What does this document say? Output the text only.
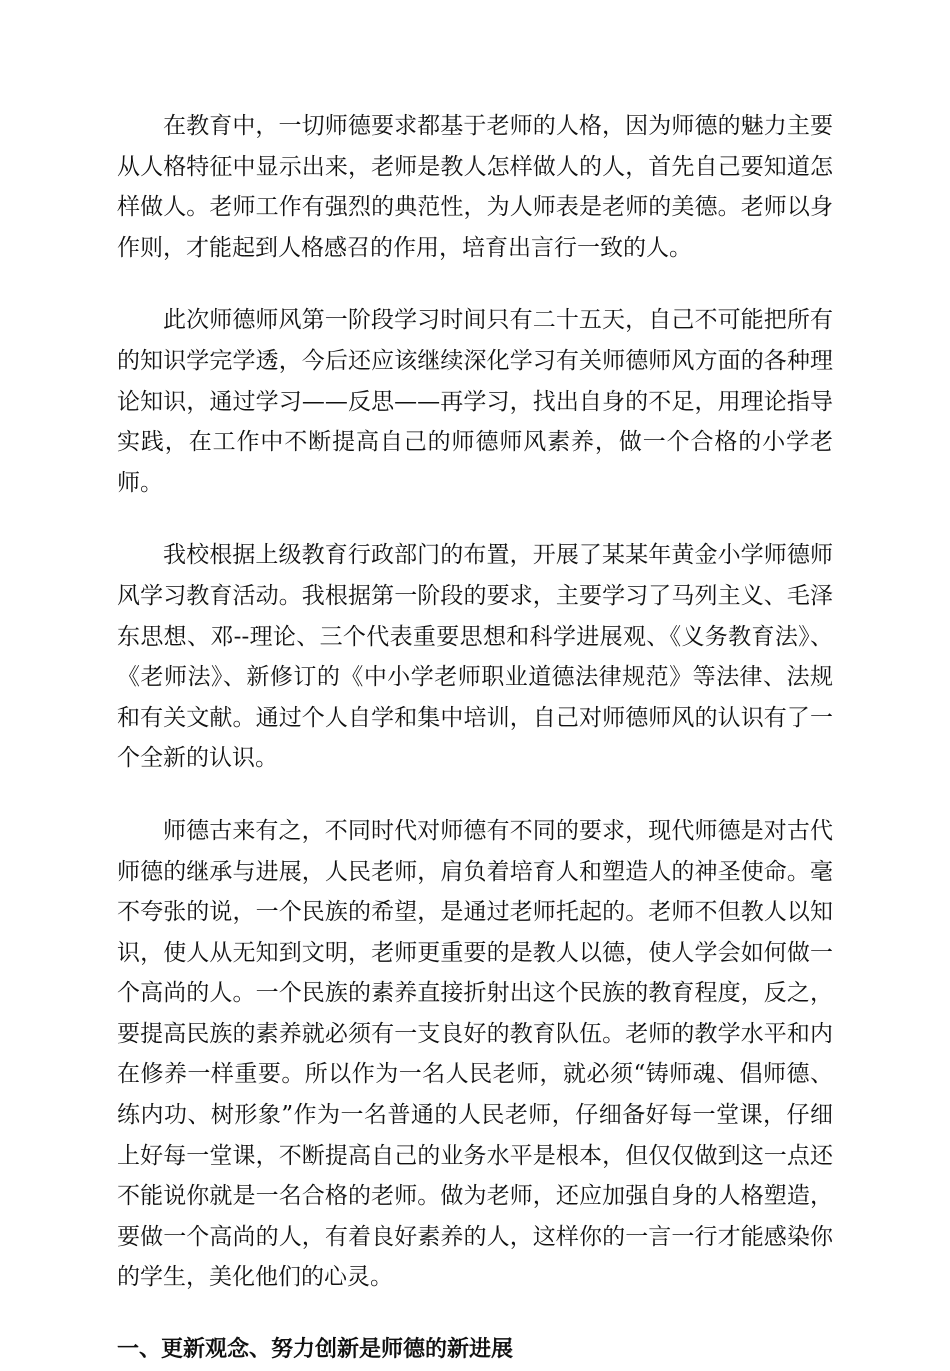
在教育中，一切师德要求都基于老师的人格，因为师德的魅力主要从人格特征中显示出来，老师是教人怎样做人的人，首先自己要知道怎样做人。老师工作有强烈的典范性，为人师表是老师的美德。老师以身作则，才能起到人格感召的作用，培育出言行一致的人。

此次师德师风第一阶段学习时间只有二十五天，自己不可能把所有的知识学完学透，今后还应该继续深化学习有关师德师风方面的各种理论知识，通过学习——反思——再学习，找出自身的不足，用理论指导实践，在工作中不断提高自己的师德师风素养，做一个合格的小学老师。

我校根据上级教育行政部门的布置，开展了某某年黄金小学师德师风学习教育活动。我根据第一阶段的要求，主要学习了马列主义、毛泽东思想、邓--理论、三个代表重要思想和科学进展观、《义务教育法》、《老师法》、新修订的《中小学老师职业道德法律规范》等法律、法规和有关文献。通过个人自学和集中培训，自己对师德师风的认识有了一个全新的认识。

师德古来有之，不同时代对师德有不同的要求，现代师德是对古代师德的继承与进展，人民老师，肩负着培育人和塑造人的神圣使命。毫不夸张的说，一个民族的希望，是通过老师托起的。老师不但教人以知识，使人从无知到文明，老师更重要的是教人以德，使人学会如何做一个高尚的人。一个民族的素养直接折射出这个民族的教育程度，反之，要提高民族的素养就必须有一支良好的教育队伍。老师的教学水平和内在修养一样重要。所以作为一名人民老师，就必须“铸师魂、倡师德、练内功、树形象”作为一名普通的人民老师，仔细备好每一堂课，仔细上好每一堂课，不断提高自己的业务水平是根本，但仅仅做到这一点还不能说你就是一名合格的老师。做为老师，还应加强自身的人格塑造，要做一个高尚的人，有着良好素养的人，这样你的一言一行才能感染你的学生，美化他们的心灵。

一、更新观念、努力创新是师德的新进展
